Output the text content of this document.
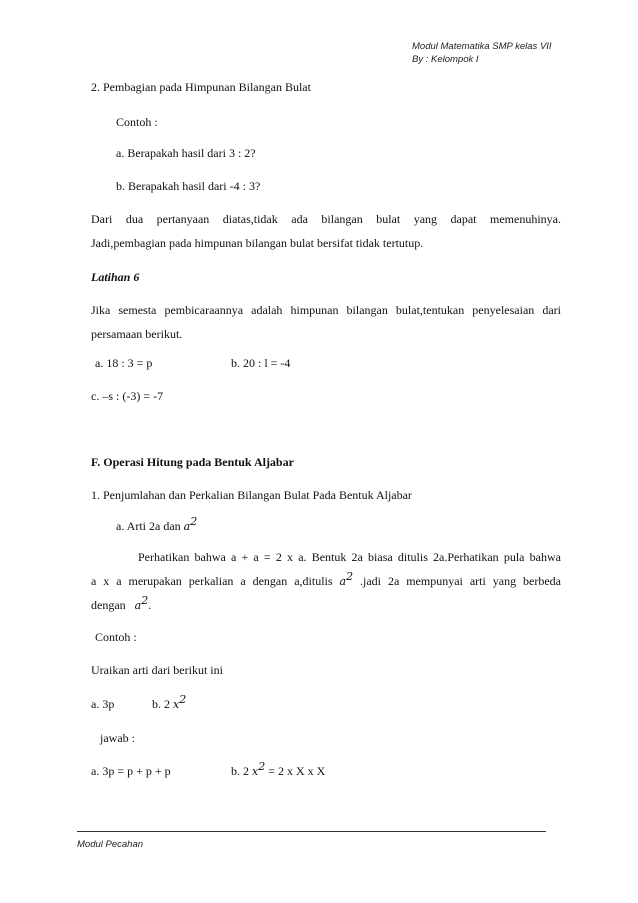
Modul Matematika SMP kelas VII
By : Kelompok I
2. Pembagian pada Himpunan Bilangan Bulat
Contoh :
a. Berapakah hasil dari 3 : 2?
b. Berapakah hasil dari -4 : 3?
Dari dua pertanyaan diatas,tidak ada bilangan bulat yang dapat memenuhinya.
Jadi,pembagian pada himpunan bilangan bulat bersifat tidak tertutup.
Latihan 6
Jika semesta pembicaraannya adalah himpunan bilangan bulat,tentukan penyelesaian dari
persamaan berikut.
a. 18 : 3 = p	b. 20 : l = -4
c. –s : (-3) = -7
F. Operasi Hitung pada Bentuk Aljabar
1. Penjumlahan dan Perkalian Bilangan Bulat Pada Bentuk Aljabar
a. Arti 2a dan $a^2$
Perhatikan bahwa a + a = 2 x a. Bentuk 2a biasa ditulis 2a.Perhatikan pula bahwa
a x a merupakan perkalian a dengan a,ditulis $a^2$ .jadi 2a mempunyai arti yang berbeda
dengan   $a^2$.
Contoh :
Uraikan arti dari berikut ini
a. 3p	b. 2 $x^2$
jawab :
a. 3p = p + p + p	b. 2 $x^2 = 2$ x X x X
Modul Pecahan
